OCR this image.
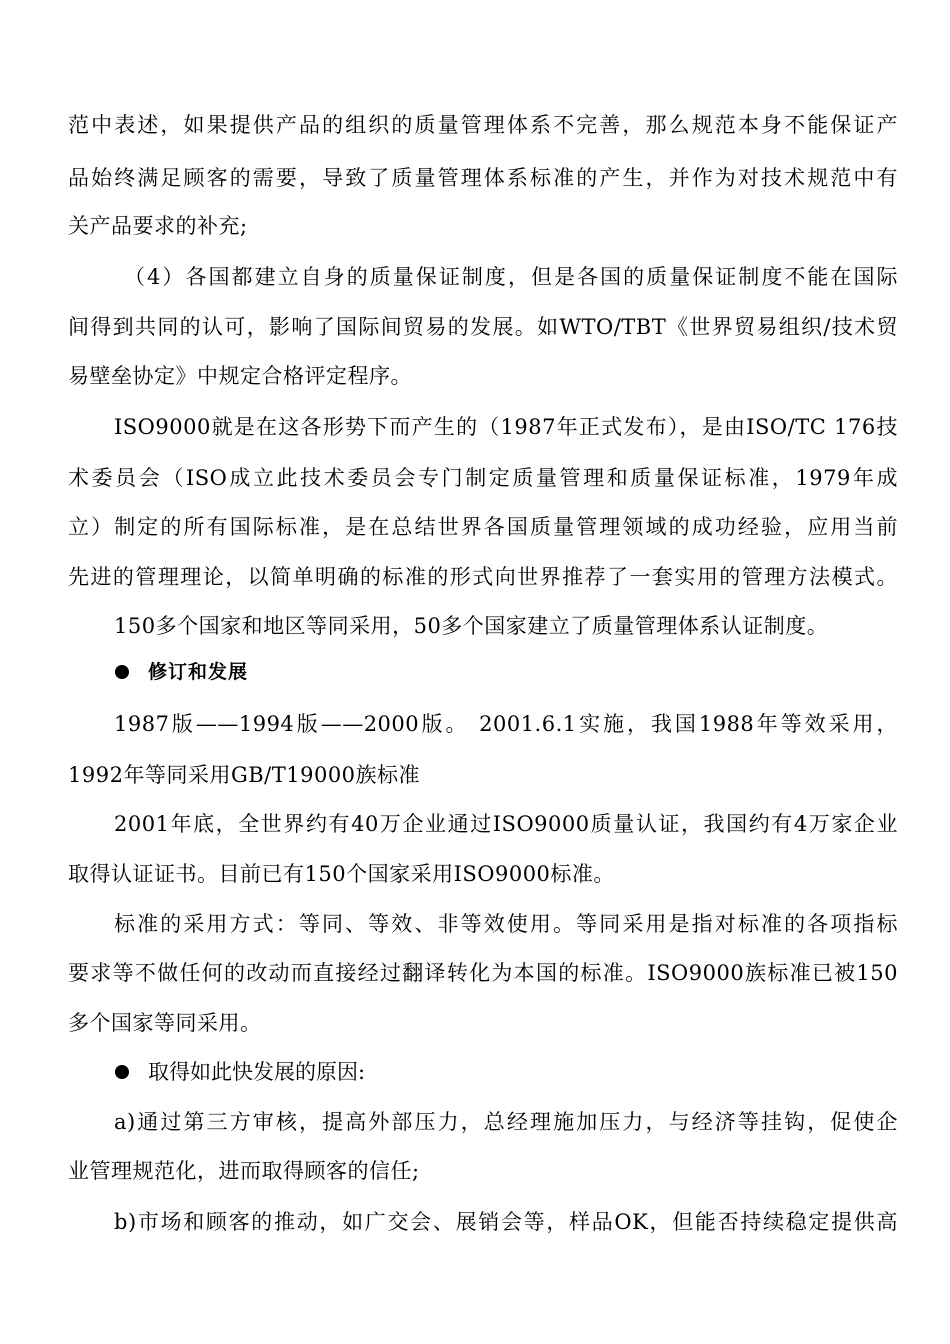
范中表述，如果提供产品的组织的质量管理体系不完善，那么规范本身不能保证产
品始终满足顾客的需要，导致了质量管理体系标准的产生，并作为对技术规范中有
关产品要求的补充;
（4）各国都建立自身的质量保证制度，但是各国的质量保证制度不能在国际
间得到共同的认可，影响了国际间贸易的发展。如WTO/TBT《世界贸易组织/技术贸
易壁垒协定》中规定合格评定程序。
ISO9000就是在这各形势下而产生的（1987年正式发布），是由ISO/TC 176技
术委员会（ISO成立此技术委员会专门制定质量管理和质量保证标准，1979年成
立）制定的所有国际标准，是在总结世界各国质量管理领域的成功经验，应用当前
先进的管理理论，以简单明确的标准的形式向世界推荐了一套实用的管理方法模式。
150多个国家和地区等同采用，50多个国家建立了质量管理体系认证制度。
修订和发展
1987版——1994版——2000版。 2001.6.1实施，我国1988年等效采用，
1992年等同采用GB/T19000族标准
2001年底，全世界约有40万企业通过ISO9000质量认证，我国约有4万家企业
取得认证证书。目前已有150个国家采用ISO9000标准。
标准的采用方式：等同、等效、非等效使用。等同采用是指对标准的各项指标
要求等不做任何的改动而直接经过翻译转化为本国的标准。ISO9000族标准已被150
多个国家等同采用。
取得如此快发展的原因:
a)通过第三方审核，提高外部压力，总经理施加压力，与经济等挂钩，促使企
业管理规范化，进而取得顾客的信任;
b)市场和顾客的推动，如广交会、展销会等，样品OK，但能否持续稳定提供高
